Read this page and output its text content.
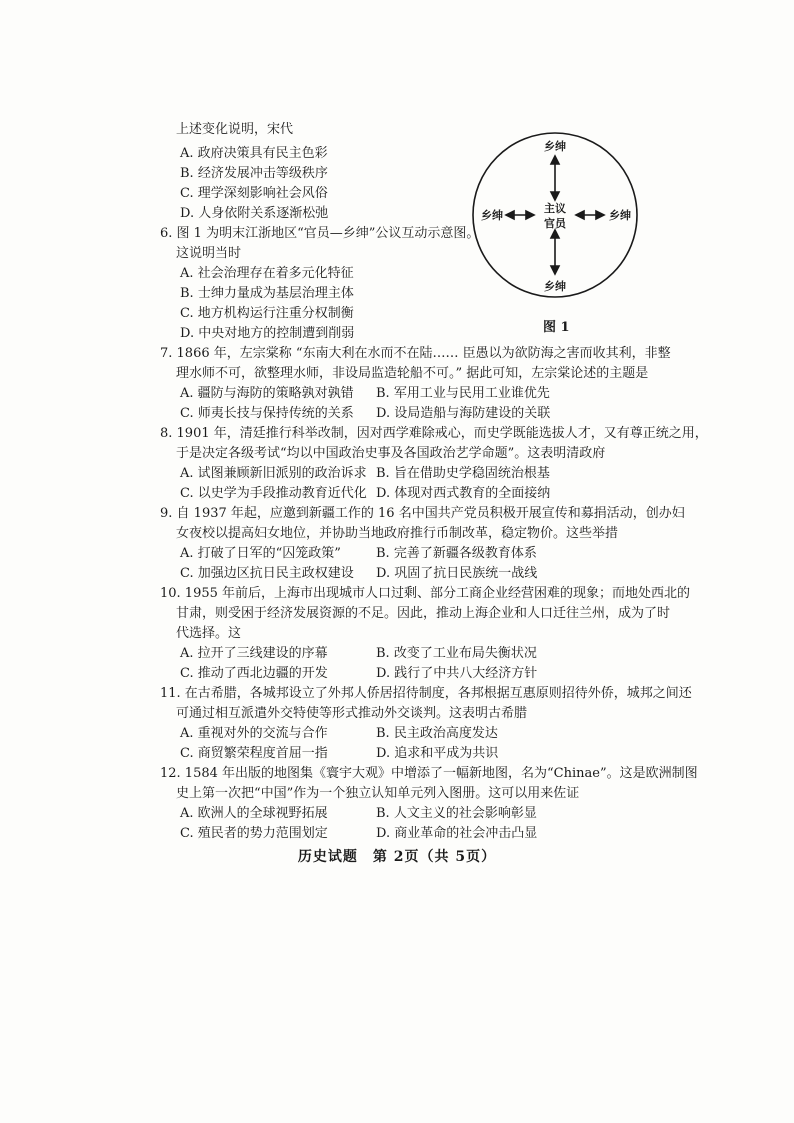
上述变化说明，宋代
A. 政府决策具有民主色彩
B. 经济发展冲击等级秩序
C. 理学深刻影响社会风俗
D. 人身依附关系逐渐松弛
6. 图 1 为明末江浙地区“官员—乡绅”公议互动示意图。
这说明当时
A. 社会治理存在着多元化特征
B. 士绅力量成为基层治理主体
C. 地方机构运行注重分权制衡
D. 中央对地方的控制遭到削弱
乡绅
乡绅
乡绅	乡绅
主议
官员
图 1
7. 1866 年，左宗棠称 “东南大利在水而不在陆…… 臣愚以为欲防海之害而收其利，非整
理水师不可，欲整理水师，非设局监造轮船不可。” 据此可知，左宗棠论述的主题是
A. 疆防与海防的策略孰对孰错 B. 军用工业与民用工业谁优先
C. 师夷长技与保持传统的关系 D. 设局造船与海防建设的关联
8. 1901 年，清廷推行科举改制，因对西学难除戒心，而史学既能选拔人才，又有尊正统之用，
于是决定各级考试“均以中国政治史事及各国政治艺学命题”。这表明清政府
A. 试图兼顾新旧派别的政治诉求 B. 旨在借助史学稳固统治根基
C. 以史学为手段推动教育近代化 D. 体现对西式教育的全面接纳
9. 自 1937 年起，应邀到新疆工作的 16 名中国共产党员积极开展宣传和募捐活动，创办妇
女夜校以提高妇女地位，并协助当地政府推行币制改革，稳定物价。这些举措
A. 打破了日军的“囚笼政策”	B. 完善了新疆各级教育体系
C. 加强边区抗日民主政权建设 D. 巩固了抗日民族统一战线
10. 1955 年前后，上海市出现城市人口过剩、部分工商企业经营困难的现象；而地处西北的
甘肃，则受困于经济发展资源的不足。因此，推动上海企业和人口迁往兰州，成为了时
代选择。这
A. 拉开了三线建设的序幕	B. 改变了工业布局失衡状况
C. 推动了西北边疆的开发	D. 践行了中共八大经济方针
11. 在古希腊，各城邦设立了外邦人侨居招待制度，各邦根据互惠原则招待外侨，城邦之间还
可通过相互派遣外交特使等形式推动外交谈判。这表明古希腊
A. 重视对外的交流与合作	B. 民主政治高度发达
C. 商贸繁荣程度首屈一指	D. 追求和平成为共识
12. 1584 年出版的地图集《寰宇大观》中增添了一幅新地图，名为“Chinae”。这是欧洲制图
史上第一次把“中国”作为一个独立认知单元列入图册。这可以用来佐证
A. 欧洲人的全球视野拓展	B. 人文主义的社会影响彰显
C. 殖民者的势力范围划定	D. 商业革命的社会冲击凸显
历史试题　第 2页（共 5页）
